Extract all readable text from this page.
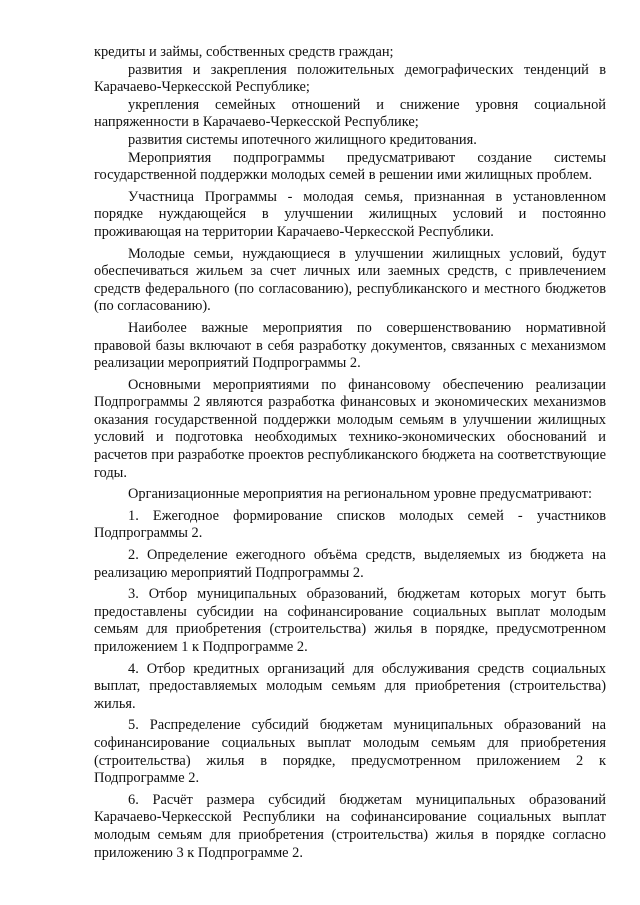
кредиты и займы, собственных средств граждан;

развития и закрепления положительных демографических тенденций в Карачаево-Черкесской Республике;

укрепления семейных отношений и снижение уровня социальной напряженности в Карачаево-Черкесской Республике;

развития системы ипотечного жилищного кредитования.

Мероприятия подпрограммы предусматривают создание системы государственной поддержки молодых семей в решении ими жилищных проблем.

Участница Программы - молодая семья, признанная в установленном порядке нуждающейся в улучшении жилищных условий и постоянно проживающая на территории Карачаево-Черкесской Республики.

Молодые семьи, нуждающиеся в улучшении жилищных условий, будут обеспечиваться жильем за счет личных или заемных средств, с привлечением средств федерального (по согласованию), республиканского и местного бюджетов (по согласованию).

Наиболее важные мероприятия по совершенствованию нормативной правовой базы включают в себя разработку документов, связанных с механизмом реализации мероприятий Подпрограммы 2.

Основными мероприятиями по финансовому обеспечению реализации Подпрограммы 2 являются разработка финансовых и экономических механизмов оказания государственной поддержки молодым семьям в улучшении жилищных условий и подготовка необходимых технико-экономических обоснований и расчетов при разработке проектов республиканского бюджета на соответствующие годы.

Организационные мероприятия на региональном уровне предусматривают:

1. Ежегодное формирование списков молодых семей - участников Подпрограммы 2.

2. Определение ежегодного объёма средств, выделяемых из бюджета на реализацию мероприятий Подпрограммы 2.

3. Отбор муниципальных образований, бюджетам которых могут быть предоставлены субсидии на софинансирование социальных выплат молодым семьям для приобретения (строительства) жилья в порядке, предусмотренном приложением 1 к Подпрограмме 2.

4. Отбор кредитных организаций для обслуживания средств социальных выплат, предоставляемых молодым семьям для приобретения (строительства) жилья.

5. Распределение субсидий бюджетам муниципальных образований на софинансирование социальных выплат молодым семьям для приобретения (строительства) жилья в порядке, предусмотренном приложением 2 к Подпрограмме 2.

6. Расчёт размера субсидий бюджетам муниципальных образований Карачаево-Черкесской Республики на софинансирование социальных выплат молодым семьям для приобретения (строительства) жилья в порядке согласно приложению 3 к Подпрограмме 2.
